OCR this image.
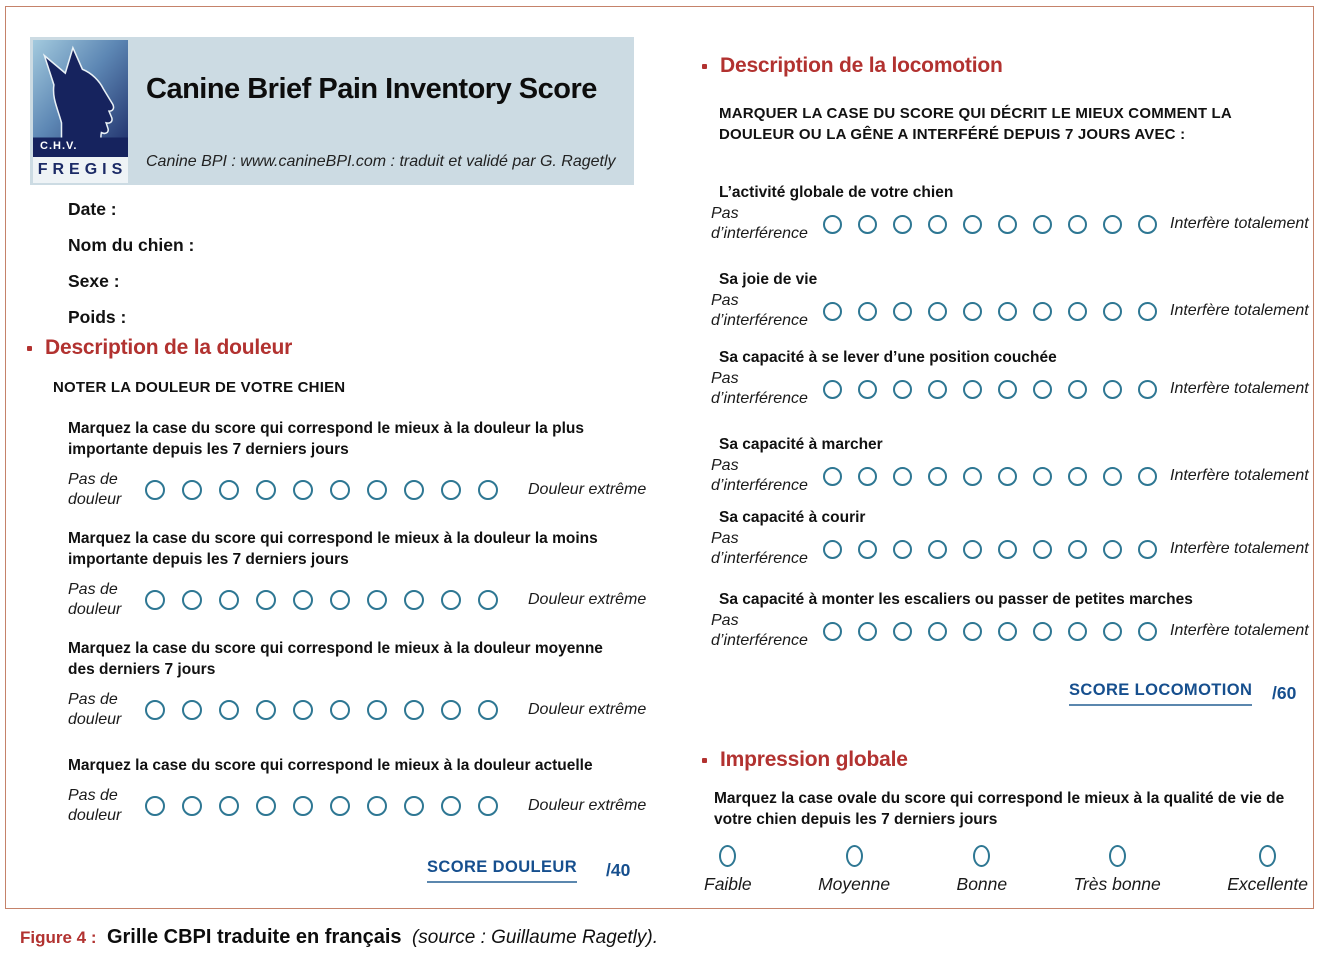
C.H.V.
FREGIS
Canine Brief Pain Inventory Score
Canine BPI : www.canineBPI.com : traduit et validé par G. Ragetly
Date :
Nom du chien :
Sexe :
Poids :
Description de la douleur
NOTER LA DOULEUR DE VOTRE CHIEN
Marquez la case du score qui correspond le mieux à la douleur la plus importante depuis les 7 derniers jours
Pas de douleur
Douleur extrême
Marquez la case du score qui correspond le mieux à la douleur la moins importante depuis les 7 derniers jours
Pas de douleur
Douleur extrême
Marquez la case du score qui correspond le mieux à la douleur moyenne des derniers 7 jours
Pas de douleur
Douleur extrême
Marquez la case du score qui correspond le mieux à la douleur actuelle
Pas de douleur
Douleur extrême
SCORE DOULEUR /40
Description de la locomotion
MARQUER LA CASE DU SCORE QUI DÉCRIT LE MIEUX COMMENT LA DOULEUR OU LA GÊNE A INTERFÉRÉ DEPUIS 7 JOURS AVEC :
L’activité globale de votre chien
Pas d’interférence
Interfère totalement
Sa joie de vie
Pas d’interférence
Interfère totalement
Sa capacité à se lever d’une position couchée
Pas d’interférence
Interfère totalement
Sa capacité à marcher
Pas d’interférence
Interfère totalement
Sa capacité à courir
Pas d’interférence
Interfère totalement
Sa capacité à monter les escaliers ou passer de petites marches
Pas d’interférence
Interfère totalement
SCORE LOCOMOTION /60
Impression globale
Marquez la case ovale du score qui correspond le mieux à la qualité de vie de votre chien depuis les 7 derniers jours
Faible	Moyenne	Bonne	Très bonne	Excellente
Figure 4 : Grille CBPI traduite en français (source : Guillaume Ragetly).
